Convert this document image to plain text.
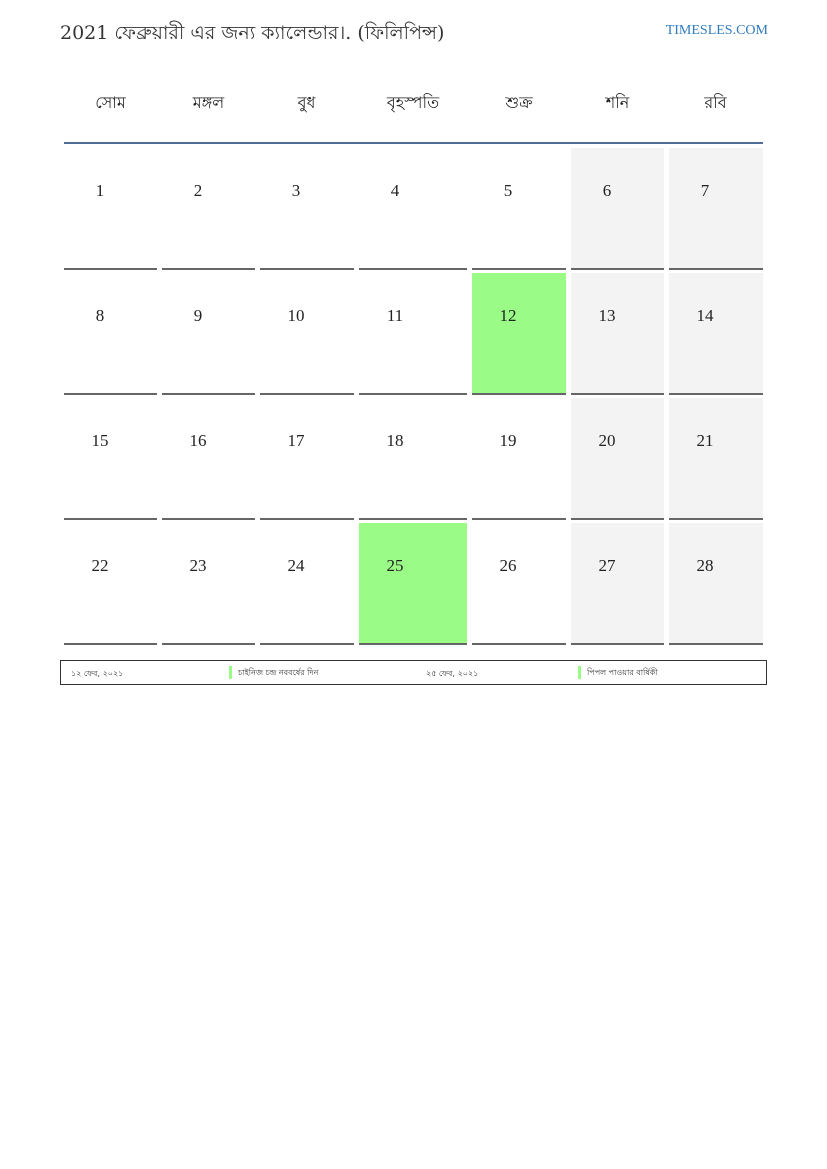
2021 ফেব্রুয়ারী এর জন্য ক্যালেন্ডার।. (ফিলিপিন্স)	TIMESLES.COM
সোম	মঙ্গল	বুধ	বৃহস্পতি	শুক্র	শনি	রবি
1	2	3	4	5	6	7
8	9	10	11	12	13	14
15	16	17	18	19	20	21
22	23	24	25	26	27	28
১২ ফেব, ২০২১	চাইনিজ চন্দ্র নববর্ষের দিন	২৫ ফেব, ২০২১	পিপল পাওয়ার বার্ষিকী
